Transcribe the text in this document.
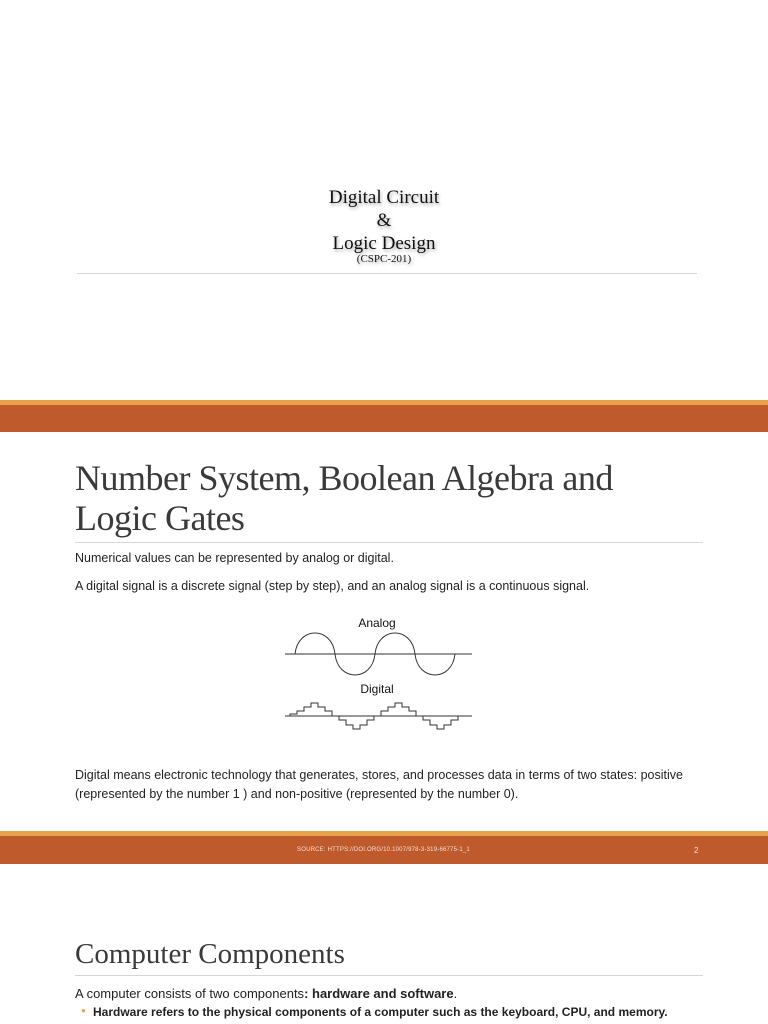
Digital Circuit
&
Logic Design
(CSPC-201)
Number System, Boolean Algebra and
Logic Gates
Numerical values can be represented by analog or digital.
A digital signal is a discrete signal (step by step), and an analog signal is a continuous signal.
Analog
Digital
Digital means electronic technology that generates, stores, and processes data in terms of two states: positive (represented by the number 1 ) and non-positive (represented by the number 0).
SOURCE: HTTPS://DOI.ORG/10.1007/978-3-319-66775-1_1	2
Computer Components
A computer consists of two components: hardware and software.
● Hardware refers to the physical components of a computer such as the keyboard, CPU, and memory.
